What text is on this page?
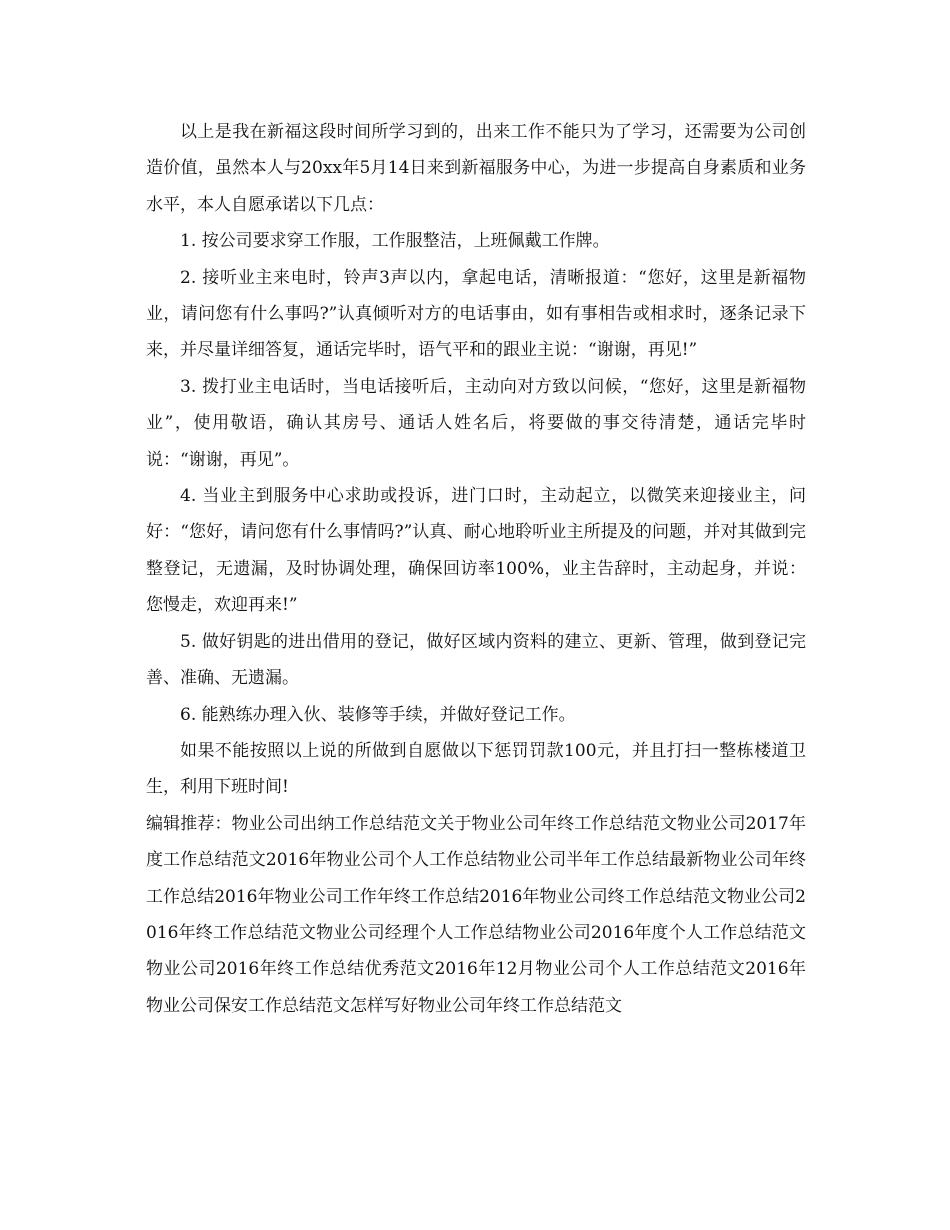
以上是我在新福这段时间所学习到的，出来工作不能只为了学习，还需要为公司创造价值，虽然本人与20xx年5月14日来到新福服务中心，为进一步提高自身素质和业务水平，本人自愿承诺以下几点：

1. 按公司要求穿工作服，工作服整洁，上班佩戴工作牌。

2. 接听业主来电时，铃声3声以内，拿起电话，清晰报道：“您好，这里是新福物业，请问您有什么事吗?”认真倾听对方的电话事由，如有事相告或相求时，逐条记录下来，并尽量详细答复，通话完毕时，语气平和的跟业主说：“谢谢，再见!”

3. 拨打业主电话时，当电话接听后，主动向对方致以问候，“您好，这里是新福物业”，使用敬语，确认其房号、通话人姓名后，将要做的事交待清楚，通话完毕时说：“谢谢，再见”。

4. 当业主到服务中心求助或投诉，进门口时，主动起立，以微笑来迎接业主，问好：“您好，请问您有什么事情吗?”认真、耐心地聆听业主所提及的问题，并对其做到完整登记，无遗漏，及时协调处理，确保回访率100%，业主告辞时，主动起身，并说：您慢走，欢迎再来!”

5. 做好钥匙的进出借用的登记，做好区域内资料的建立、更新、管理，做到登记完善、准确、无遗漏。

6. 能熟练办理入伙、装修等手续，并做好登记工作。

如果不能按照以上说的所做到自愿做以下惩罚罚款100元，并且打扫一整栋楼道卫生，利用下班时间!

编辑推荐：物业公司出纳工作总结范文关于物业公司年终工作总结范文物业公司2017年度工作总结范文2016年物业公司个人工作总结物业公司半年工作总结最新物业公司年终工作总结2016年物业公司工作年终工作总结2016年物业公司终工作总结范文物业公司2016年终工作总结范文物业公司经理个人工作总结物业公司2016年度个人工作总结范文物业公司2016年终工作总结优秀范文2016年12月物业公司个人工作总结范文2016年物业公司保安工作总结范文怎样写好物业公司年终工作总结范文
